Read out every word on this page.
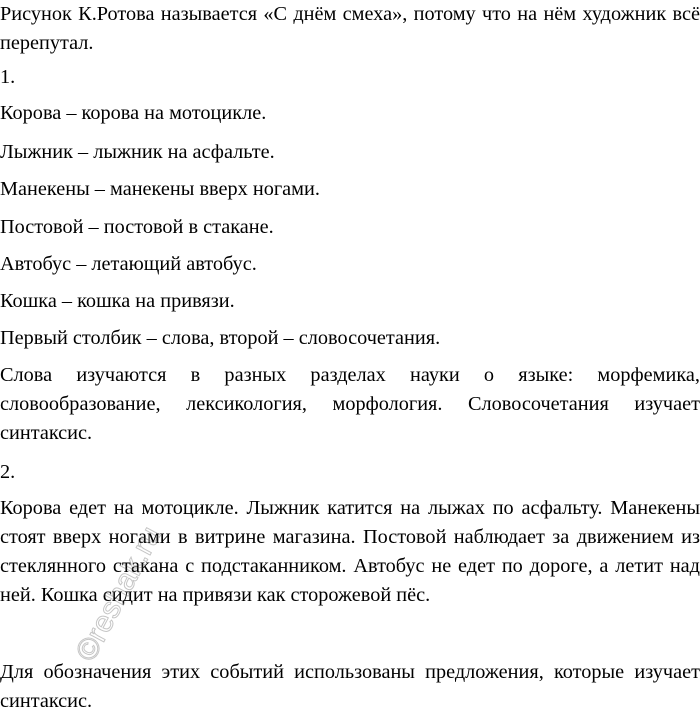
Рисунок К.Ротова называется «С днём смеха», потому что на нём художник всё перепутал.

1.

Корова – корова на мотоцикле.

Лыжник – лыжник на асфальте.

Манекены – манекены вверх ногами.

Постовой – постовой в стакане.

Автобус – летающий автобус.

Кошка – кошка на привязи.

Первый столбик – слова, второй – словосочетания.

Слова изучаются в разных разделах науки о языке: морфемика, словообразование, лексикология, морфология. Словосочетания изучает синтаксис.

2.

Корова едет на мотоцикле. Лыжник катится на лыжах по асфальту. Манекены стоят вверх ногами в витрине магазина. Постовой наблюдает за движением из стеклянного стакана с подстаканником. Автобус не едет по дороге, а летит над ней. Кошка сидит на привязи как сторожевой пёс.

Для обозначения этих событий использованы предложения, которые изучает синтаксис.

©reshak.ru
